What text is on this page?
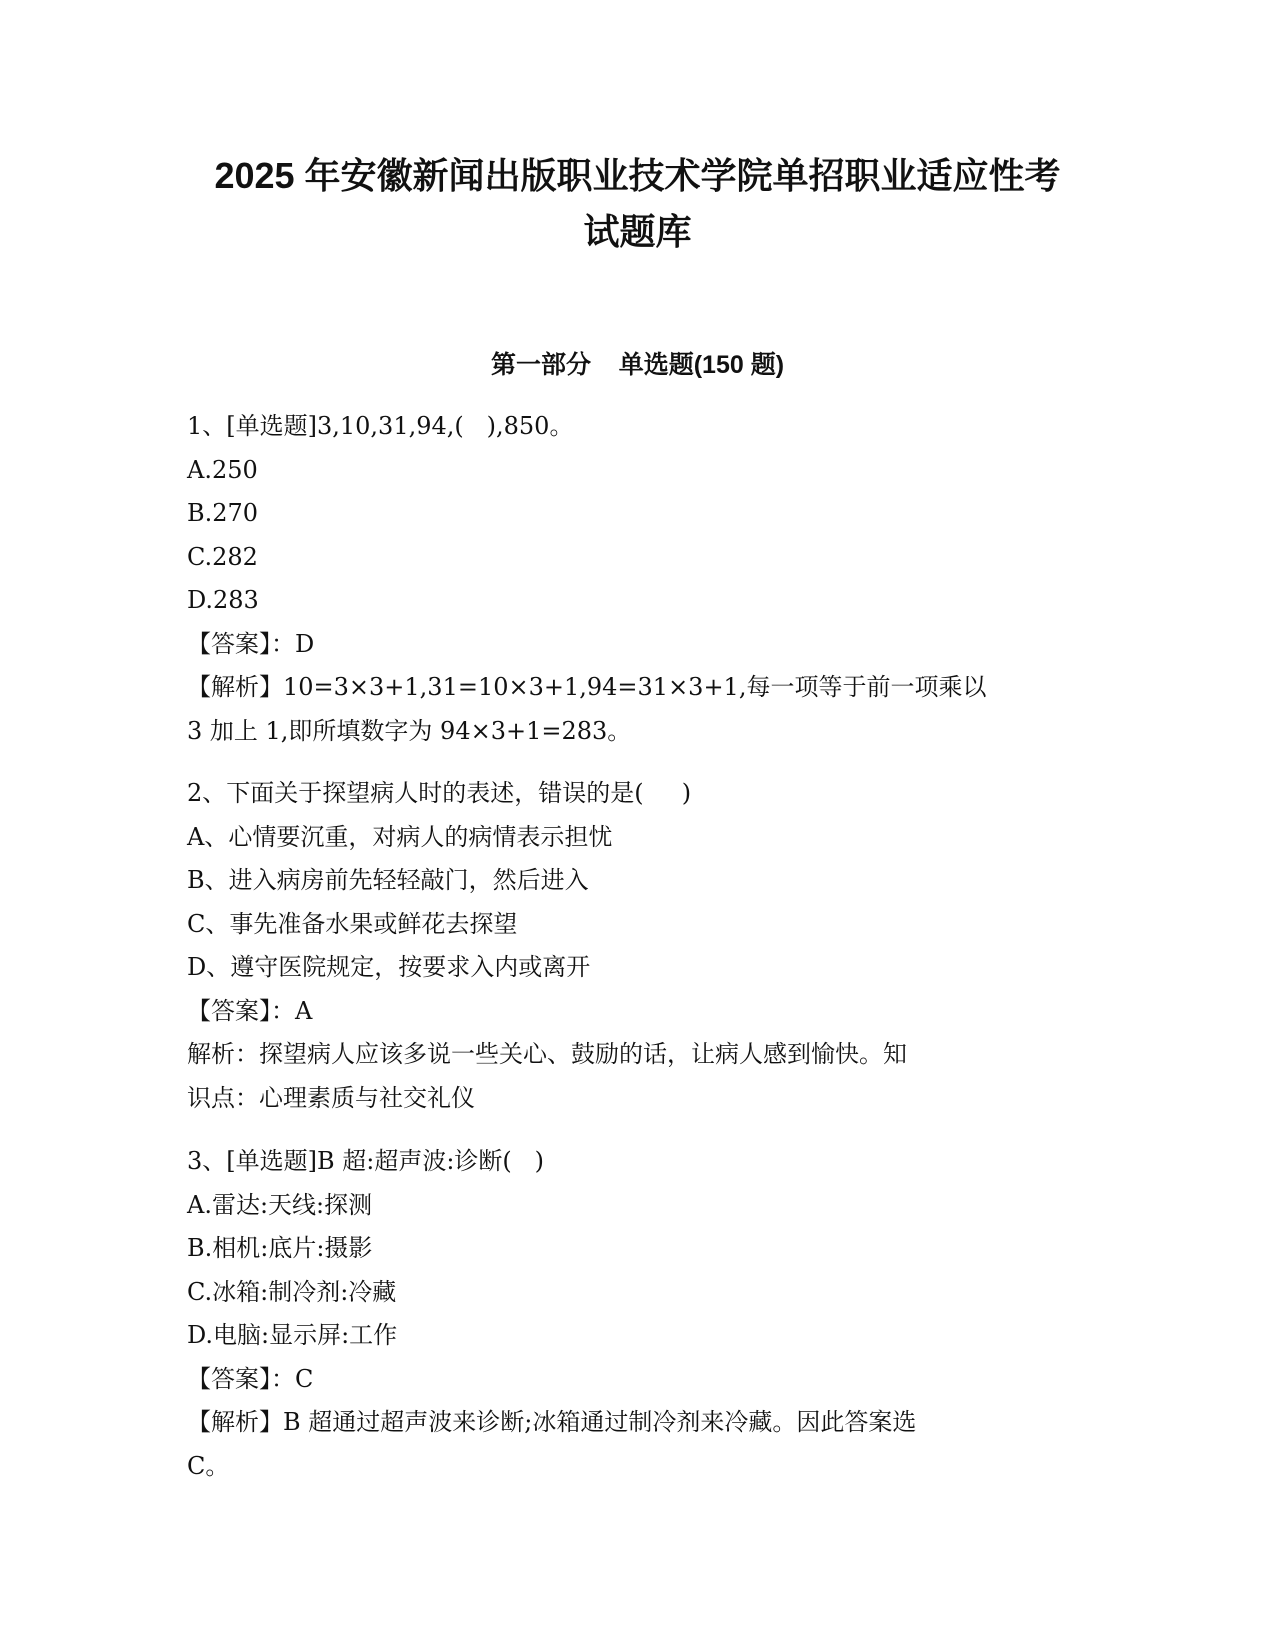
2025 年安徽新闻出版职业技术学院单招职业适应性考
试题库
第一部分    单选题(150 题)

1、[单选题]3,10,31,94,(   ),850。

A.250

B.270

C.282

D.283

【答案】：D

【解析】10=3×3+1,31=10×3+1,94=31×3+1,每一项等于前一项乘以

3 加上 1,即所填数字为 94×3+1=283。

2、下面关于探望病人时的表述，错误的是(     )

A、心情要沉重，对病人的病情表示担忧

B、进入病房前先轻轻敲门，然后进入

C、事先准备水果或鲜花去探望

D、遵守医院规定，按要求入内或离开

【答案】：A

解析：探望病人应该多说一些关心、鼓励的话，让病人感到愉快。知

识点：心理素质与社交礼仪

3、[单选题]B 超:超声波:诊断(   )

A.雷达:天线:探测

B.相机:底片:摄影

C.冰箱:制冷剂:冷藏

D.电脑:显示屏:工作

【答案】：C

【解析】B 超通过超声波来诊断;冰箱通过制冷剂来冷藏。因此答案选

C。
